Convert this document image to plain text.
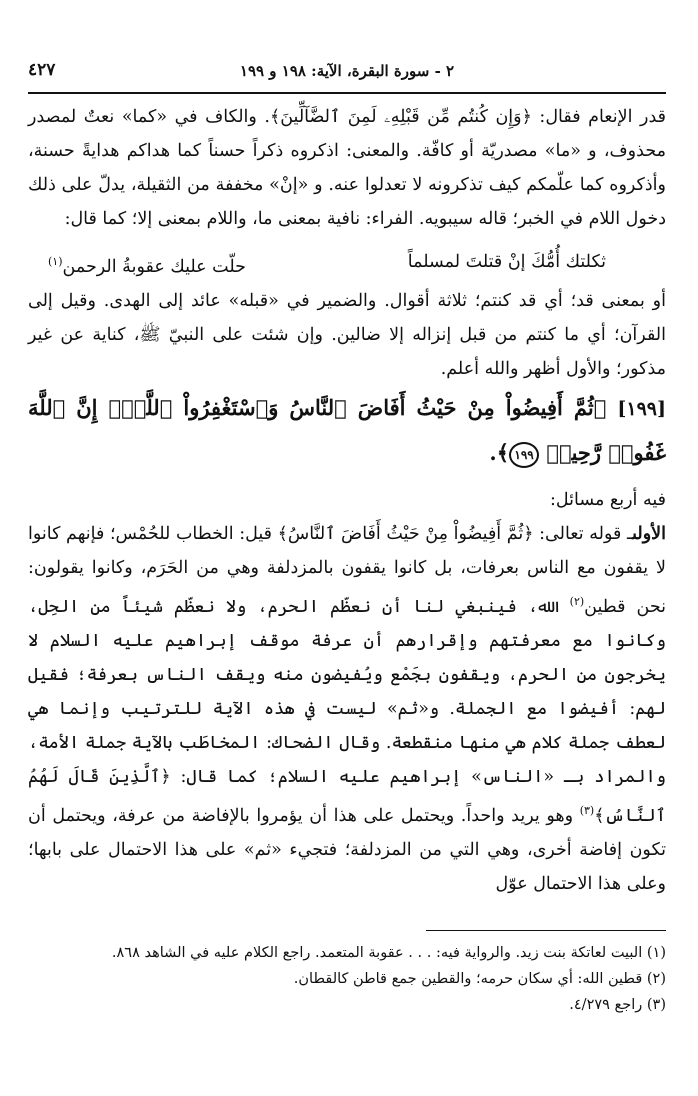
٤٢٧	٢ - سورة البقرة، الآية: ١٩٨ و ١٩٩

قدر الإنعام فقال: ﴿وَإِن كُنتُم مِّن قَبْلِهِۦ لَمِنَ ٱلضَّآلِّينَ﴾. والكاف في «كما» نعتٌ لمصدر محذوف، و «ما» مصدريّة أو كافّة. والمعنى: اذكروه ذكراً حسناً كما هداكم هدايةً حسنة، وأذكروه كما علّمكم كيف تذكرونه لا تعدلوا عنه. و «إنْ» مخففة من الثقيلة، يدلّ على ذلك دخول اللام في الخبر؛ قاله سيبويه. الفراء: نافية بمعنى ما، واللام بمعنى إلا؛ كما قال:

ثكلتك أُمُّكَ إنْ قتلتَ لمسلماً
حلّت عليك عقوبةُ الرحمن$^{(١)}$

أو بمعنى قد؛ أي قد كنتم؛ ثلاثة أقوال. والضمير في «قبله» عائد إلى الهدى. وقيل إلى القرآن؛ أي ما كنتم من قبل إنزاله إلا ضالين. وإن شئت على النبيّ ﷺ، كناية عن غير مذكور؛ والأول أظهر والله أعلم.

[١٩٩] ﴿ثُمَّ أَفِيضُواْ مِنْ حَيْثُ أَفَاضَ ٱلنَّاسُ وَٱسْتَغْفِرُواْ ٱللَّهَۚ إِنَّ ٱللَّهَ غَفُورٞ رَّحِيمٞ ١٩٩﴾.

فيه أربع مسائل:

الأولىـ قوله تعالى: ﴿ثُمَّ أَفِيضُواْ مِنْ حَيْثُ أَفَاضَ ٱلنَّاسُ﴾ قيل: الخطاب للحُمْس؛ فإنهم كانوا لا يقفون مع الناس بعرفات، بل كانوا يقفون بالمزدلفة وهي من الحَرَم، وكانوا يقولون: نحن قطين$^{(٢)}$ الله، فينبغي لنا أن نعظّم الحرم، ولا نعظّم شيئاً من الحِل، وكانوا مع معرفتهم وإقرارهم أن عرفة موقف إبراهيم عليه السلام لا يخرجون من الحرم، ويقفون بجَمْع ويُفيضون منه ويقف الناس بعرفة؛ فقيل لهم: أفيضوا مع الجملة. و«ثم» ليست في هذه الآية للترتيب وإنما هي لعطف جملة كلام هي منها منقطعة. وقال الضحاك: المخاطَب بالآية جملة الأمة، والمراد بـ «الناس» إبراهيم عليه السلام؛ كما قال: ﴿ٱلَّذِينَ قَالَ لَهُمُ ٱلنَّاسُ﴾$^{(٣)}$ وهو يريد واحداً. ويحتمل على هذا أن يؤمروا بالإفاضة من عرفة، ويحتمل أن تكون إفاضة أخرى، وهي التي من المزدلفة؛ فتجيء «ثم» على هذا الاحتمال على بابها؛ وعلى هذا الاحتمال عوّل

(١) البيت لعاتكة بنت زيد. والرواية فيه: . . . عقوبة المتعمد. راجع الكلام عليه في الشاهد ٨٦٨.

(٢) قطين الله: أي سكان حرمه؛ والقطين جمع قاطن كالقطان.

(٣) راجع ٤/٢٧٩.
